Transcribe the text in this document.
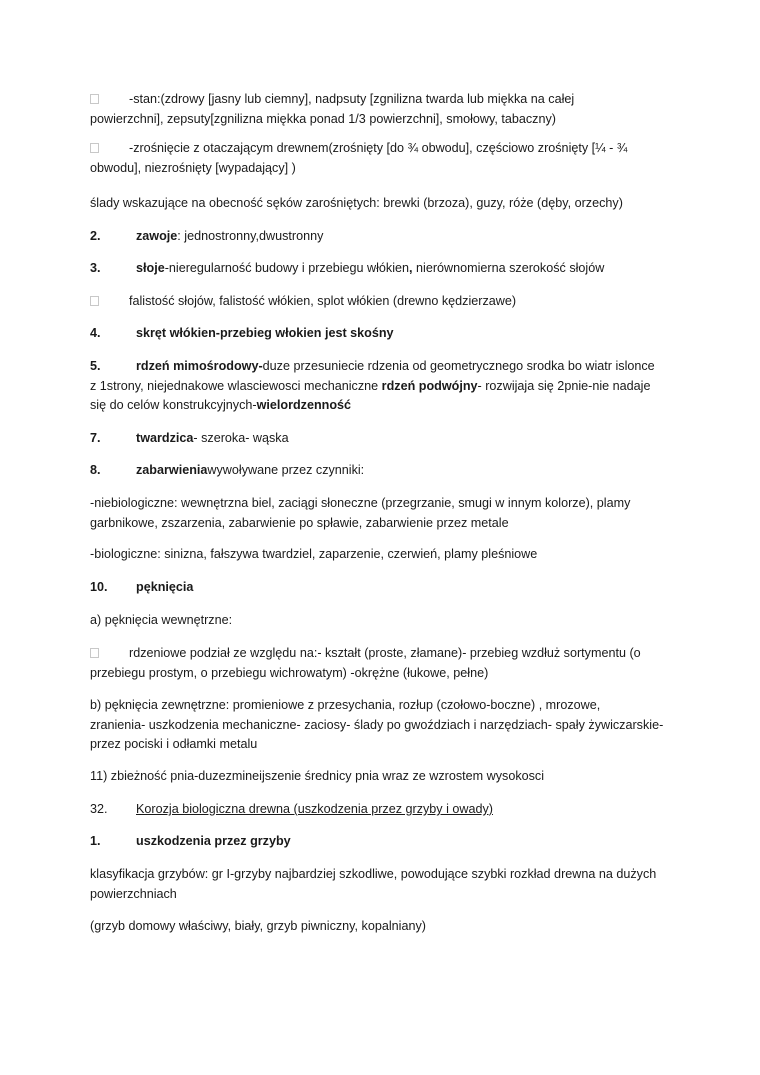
-stan:(zdrowy [jasny lub ciemny], nadpsuty [zgnilizna twarda lub miękka na całej
powierzchni], zepsuty[zgnilizna miękka ponad 1/3 powierzchni], smołowy, tabaczny)

-zrośnięcie z otaczającym drewnem(zrośnięty [do ¾ obwodu], częściowo zrośnięty [¼ - ¾
obwodu], niezrośnięty [wypadający] )

ślady wskazujące na obecność sęków zarośniętych: brewki (brzoza), guzy, róże (dęby, orzechy)

2.	zawoje: jednostronny,dwustronny

3.	słoje-nieregularność budowy i przebiegu włókien, nierównomierna szerokość słojów

falistość słojów, falistość włókien, splot włókien (drewno kędzierzawe)

4.	skręt włókien-przebieg włokien jest skośny

5.	rdzeń mimośrodowy-duze przesuniecie rdzenia od geometrycznego srodka bo wiatr islonce
z 1strony, niejednakowe wlasciewosci mechaniczne rdzeń podwójny- rozwijaja się 2pnie-nie nadaje
się do celów konstrukcyjnych-wielordzenność

7.	twardzica- szeroka- wąska

8.	zabarwieniawywoływane przez czynniki:

-niebiologiczne: wewnętrzna biel, zaciągi słoneczne (przegrzanie, smugi w innym kolorze), plamy
garbnikowe, zszarzenia, zabarwienie po spławie, zabarwienie przez metale

-biologiczne: sinizna, fałszywa twardziel, zaparzenie, czerwień, plamy pleśniowe

10. pęknięcia

a) pęknięcia wewnętrzne:

rdzeniowe podział ze względu na:- kształt (proste, złamane)- przebieg wzdłuż sortymentu (o
przebiegu prostym, o przebiegu wichrowatym) -okrężne (łukowe, pełne)

b) pęknięcia zewnętrzne: promieniowe z przesychania, rozłup (czołowo-boczne) , mrozowe,
zranienia- uszkodzenia mechaniczne- zaciosy- ślady po gwoździach i narzędziach- spały żywiczarskie-
przez pociski i odłamki metalu

11) zbieżność pnia-duzezmineijszenie średnicy pnia wraz ze wzrostem wysokosci

32. Korozja biologiczna drewna (uszkodzenia przez grzyby i owady)

1.	uszkodzenia przez grzyby

klasyfikacja grzybów: gr I-grzyby najbardziej szkodliwe, powodujące szybki rozkład drewna na dużych
powierzchniach

(grzyb domowy właściwy, biały, grzyb piwniczny, kopalniany)
